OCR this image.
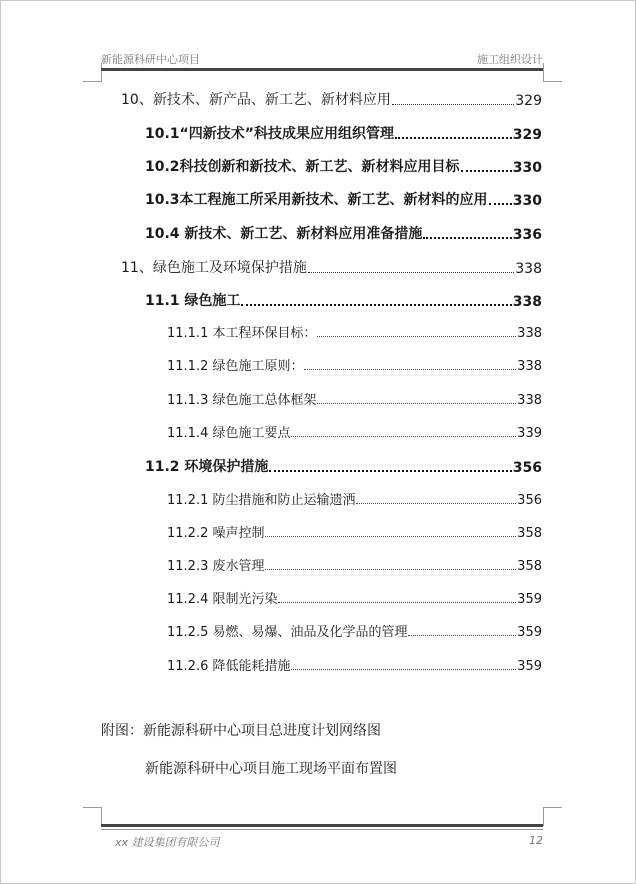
新能源科研中心项目	施工组织设计
10、新技术、新产品、新工艺、新材料应用	329
10.1“四新技术”科技成果应用组织管理	329
10.2科技创新和新技术、新工艺、新材料应用目标	330
10.3本工程施工所采用新技术、新工艺、新材料的应用 330
10.4 新技术、新工艺、新材料应用准备措施	336
11、绿色施工及环境保护措施	338
11.1 绿色施工	338
11.1.1 本工程环保目标：	338
11.1.2 绿色施工原则：	338
11.1.3 绿色施工总体框架	338
11.1.4 绿色施工要点	339
11.2 环境保护措施	356
11.2.1 防尘措施和防止运输遗洒	356
11.2.2 噪声控制	358
11.2.3 废水管理	358
11.2.4 限制光污染	359
11.2.5 易燃、易爆、油品及化学品的管理	359
11.2.6 降低能耗措施	359
附图：新能源科研中心项目总进度计划网络图
新能源科研中心项目施工现场平面布置图
xx 建设集团有限公司	12
